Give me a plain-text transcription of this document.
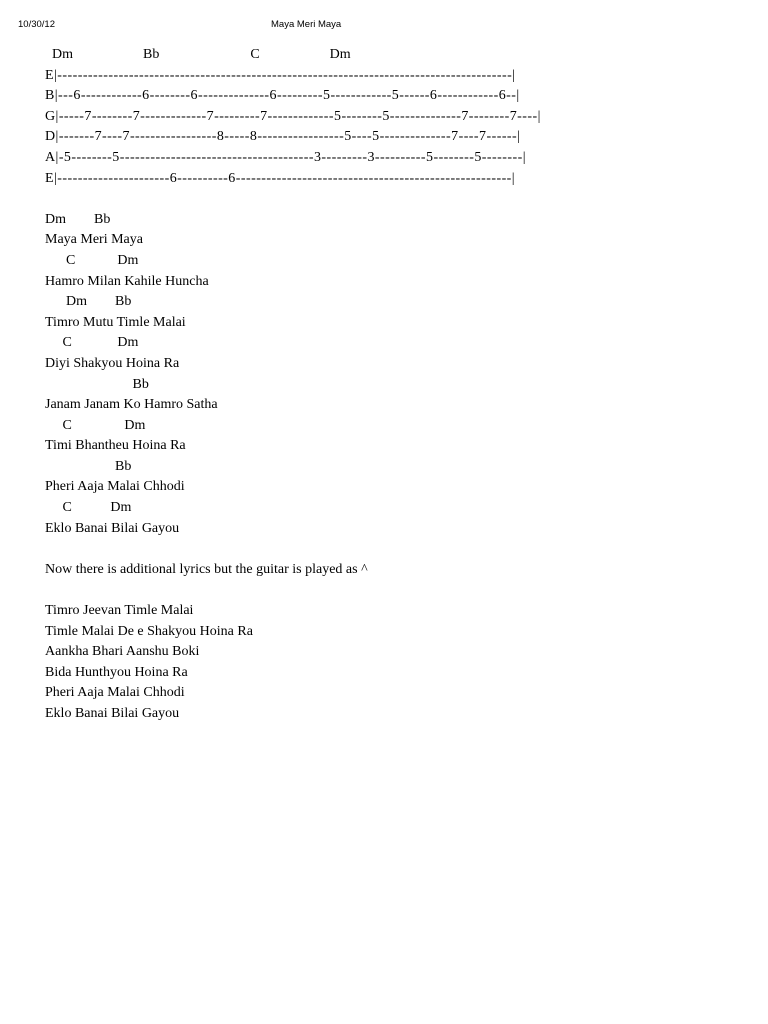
10/30/12	Maya Meri Maya
Dm                    Bb                          C                    Dm
E|-----------------------------------------------------------------------------------------|
B|---6------------6--------6--------------6---------5------------5------6------------6--|
G|-----7--------7-------------7---------7-------------5--------5--------------7--------7----|
D|-------7----7-----------------8-----8-----------------5----5--------------7----7------|
A|-5--------5--------------------------------------3---------3----------5--------5--------|
E|----------------------6----------6------------------------------------------------------|
Dm        Bb
Maya Meri Maya
C            Dm
Hamro Milan Kahile Huncha
Dm        Bb
Timro Mutu Timle Malai
C             Dm
Diyi Shakyou Hoina Ra
Bb
Janam Janam Ko Hamro Satha
C               Dm
Timi Bhantheu Hoina Ra
Bb
Pheri Aaja Malai Chhodi
C           Dm
Eklo Banai Bilai Gayou
Now there is additional lyrics but the guitar is played as ^
Timro Jeevan Timle Malai
Timle Malai De e Shakyou Hoina Ra
Aankha Bhari Aanshu Boki
Bida Hunthyou Hoina Ra
Pheri Aaja Malai Chhodi
Eklo Banai Bilai Gayou
